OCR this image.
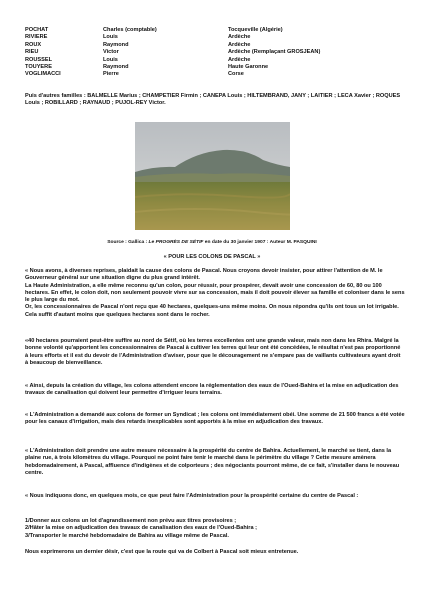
POCHAT	Charles (comptable)	Tocqueville (Algérie)
RIVIERE	Louis	Ardèche
ROUX	Raymond	Ardèche
RIEU	Victor	Ardèche (Remplaçant GROSJEAN)
ROUSSEL	Louis	Ardèche
TOUYERE	Raymond	Haute Garonne
VOGLIMACCI	Pierre	Corse

Puis d'autres familles : BALMELLE Marius ; CHAMPETIER Firmin ; CANEPA Louis ; HILTEMBRAND, JANY ; LAITIER ; LECA Xavier ; ROQUES Louis ; ROBILLARD ; RAYNAUD ; PUJOL-REY Victor.

Source : Gallica : Le PROGRÈS DE SÉTIF en date du 30 janvier 1907 : Auteur M. PASQUINI
« POUR LES COLONS DE PASCAL »

« Nous avons, à diverses reprises, plaidait la cause des colons de Pascal. Nous croyons devoir insister, pour attirer l'attention de M. le Gouverneur général sur une situation digne du plus grand intérêt.

La Haute Administration, a elle même reconnu qu'un colon, pour réussir, pour prospérer, devait avoir une concession de 60, 80 ou 100 hectares. En effet, le colon doit, non seulement pouvoir vivre sur sa concession, mais il doit pouvoir élever sa famille et coloniser dans le sens le plus large du mot.

Or, les concessionnaires de Pascal n'ont reçu que 40 hectares, quelques-uns même moins. On nous répondra qu'ils ont tous un lot irrigable. Cela suffit d'autant moins que quelques hectares sont dans le rocher.

«40 hectares pourraient peut-être suffire au nord de Sétif, où les terres excellentes ont une grande valeur, mais non dans les Rhira. Malgré la bonne volonté qu'apportent les concessionnaires de Pascal à cultiver les terres qui leur ont été concédées, le résultat n'est pas proportionné à leurs efforts et il est du devoir de l'Administration d'aviser, pour que le découragement ne s'empare pas de vaillants cultivateurs ayant droit à beaucoup de bienveillance.

« Ainsi, depuis la création du village, les colons attendent encore la réglementation des eaux de l'Oued-Bahira et la mise en adjudication des travaux de canalisation qui doivent leur permettre d'irriguer leurs terrains.

« L'Administration a demandé aux colons de former un Syndicat ; les colons ont immédiatement obéi. Une somme de 21 500 francs a été votée pour les canaux d'irrigation, mais des retards inexplicables sont apportés à la mise en adjudication des travaux.

« L'Administration doit prendre une autre mesure nécessaire à la prospérité du centre de Bahira. Actuellement, le marché se tient, dans la plaine rue, à trois kilomètres du village. Pourquoi ne point faire tenir le marché dans le périmètre du village ? Cette mesure amènera hebdomadairement, à Pascal, affluence d'indigènes et de colporteurs ; des négociants pourront même, de ce fait, s'installer dans le nouveau centre.

« Nous indiquons donc, en quelques mois, ce que peut faire l'Administration pour la prospérité certaine du centre de Pascal :

1/Donner aux colons un lot d'agrandissement non prévu aux titres provisoires ;

2/Hâter la mise on adjudication des travaux de canalisation des eaux de l'Oued-Bahira ;

3/Transporter le marché hebdomadaire de Bahira au village même de Pascal.

Nous exprimerons un dernier désir, c'est que la route qui va de Colbert à Pascal soit mieux entretenue.
